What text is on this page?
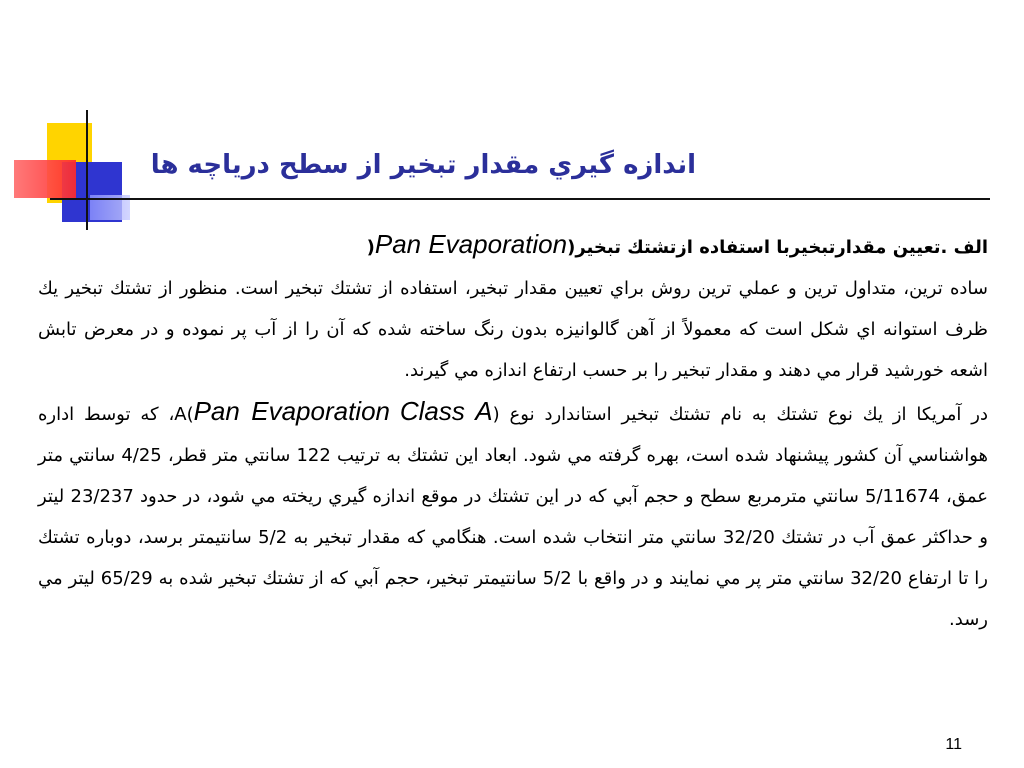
اندازه گيري مقدار تبخير از سطح درياچه ها

الف .تعيين مقدارتبخيربا استفاده ازتشتك تبخير(Pan Evaporation(

ساده ترين، متداول ترين و عملي ترين روش براي تعيين مقدار تبخير، استفاده از تشتك تبخير است. منظور از تشتك تبخير يك ظرف استوانه اي شكل است كه معمولاً از آهن گالوانيزه بدون رنگ ساخته شده كه آن را از آب پر نموده و در معرض تابش اشعه خورشيد قرار مي دهند و مقدار تبخير را بر حسب ارتفاع اندازه مي گيرند.

در آمريكا از يك نوع تشتك به نام تشتك تبخير استاندارد نوع A(Pan Evaporation Class A)، كه توسط اداره هواشناسي آن كشور پيشنهاد شده است، بهره گرفته مي شود. ابعاد اين تشتك به ترتيب 122 سانتي متر قطر، 4/25 سانتي متر عمق، 5/11674 سانتي مترمربع سطح و حجم آبي كه در اين تشتك در موقع اندازه گيري ريخته مي شود، در حدود 23/237 ليتر و حداكثر عمق آب در تشتك 32/20 سانتي متر انتخاب شده است. هنگامي كه مقدار تبخير به 5/2 سانتيمتر برسد، دوباره تشتك را تا ارتفاع 32/20 سانتي متر پر مي نمايند و در واقع با 5/2 سانتيمتر تبخير، حجم آبي كه از تشتك تبخير شده به 65/29 ليتر مي رسد.

11
